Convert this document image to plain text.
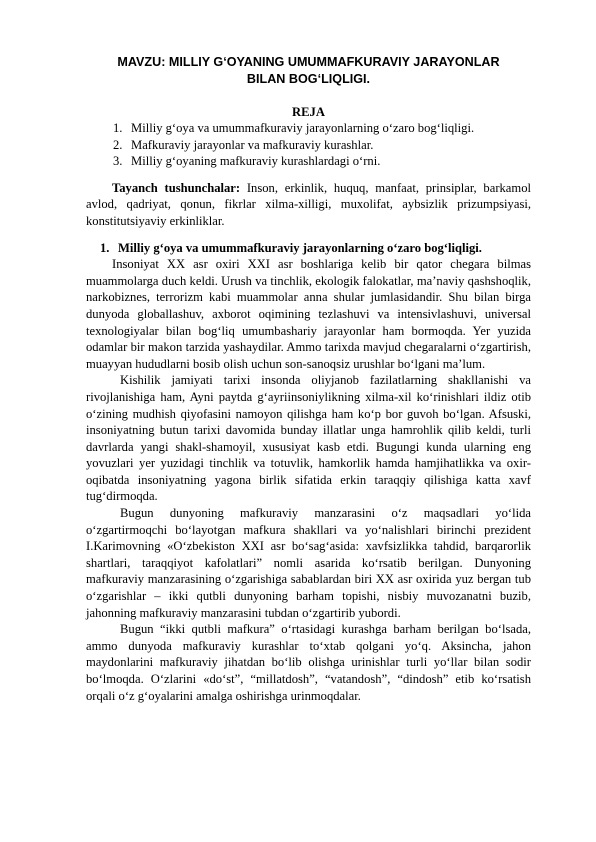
MAVZU: MILLIY G‘OYANING UMUMMAFKURAVIY JARAYONLAR
BILAN BOG‘LIQLIGI.
REJA
1. Milliy g‘oya va umummafkuraviy jarayonlarning o‘zaro bog‘liqligi.
2. Mafkuraviy jarayonlar va mafkuraviy kurashlar.
3. Milliy g‘oyaning mafkuraviy kurashlardagi o‘rni.

Tayanch tushunchalar: Inson, erkinlik, huquq, manfaat, prinsiplar, barkamol avlod, qadriyat, qonun, fikrlar xilma-xilligi, muxolifat, aybsizlik prizumpsiyasi, konstitutsiyaviy erkinliklar.

1. Milliy g‘oya va umummafkuraviy jarayonlarning o‘zaro bog‘liqligi.

Insoniyat XX asr oxiri XXI asr boshlariga kelib bir qator chegara bilmas muammolarga duch keldi. Urush va tinchlik, ekologik falokatlar, ma’naviy qashshoqlik, narkobiznes, terrorizm kabi muammolar anna shular jumlasidandir. Shu bilan birga dunyoda globallashuv, axborot oqimining tezlashuvi va intensivlashuvi, universal texnologiyalar bilan bog‘liq umumbashariy jarayonlar ham bormoqda. Yer yuzida odamlar bir makon tarzida yashaydilar. Ammo tarixda mavjud chegaralarni o‘zgartirish, muayyan hududlarni bosib olish uchun son-sanoqsiz urushlar bo‘lgani ma’lum.

Kishilik jamiyati tarixi insonda oliyjanob fazilatlarning shakllanishi va rivojlanishiga ham, Ayni paytda g‘ayriinsoniylikning xilma-xil ko‘rinishlari ildiz otib o‘zining mudhish qiyofasini namoyon qilishga ham ko‘p bor guvoh bo‘lgan. Afsuski, insoniyatning butun tarixi davomida bunday illatlar unga hamrohlik qilib keldi, turli davrlarda yangi shakl-shamoyil, xususiyat kasb etdi. Bugungi kunda ularning eng yovuzlari yer yuzidagi tinchlik va totuvlik, hamkorlik hamda hamjihatlikka va oxir-oqibatda insoniyatning yagona birlik sifatida erkin taraqqiy qilishiga katta xavf tug‘dirmoqda.

Bugun dunyoning mafkuraviy manzarasini o‘z maqsadlari yo‘lida o‘zgartirmoqchi bo‘layotgan mafkura shakllari va yo‘nalishlari birinchi prezident I.Karimovning «O‘zbekiston XXI asr bo‘sag‘asida: xavfsizlikka tahdid, barqarorlik shartlari, taraqqiyot kafolatlari” nomli asarida ko‘rsatib berilgan. Dunyoning mafkuraviy manzarasining o‘zgarishiga sabablardan biri XX asr oxirida yuz bergan tub o‘zgarishlar – ikki qutbli dunyoning barham topishi, nisbiy muvozanatni buzib, jahonning mafkuraviy manzarasini tubdan o‘zgartirib yubordi.

Bugun “ikki qutbli mafkura” o‘rtasidagi kurashga barham berilgan bo‘lsada, ammo dunyoda mafkuraviy kurashlar to‘xtab qolgani yo‘q. Aksincha, jahon maydonlarini mafkuraviy jihatdan bo‘lib olishga urinishlar turli yo‘llar bilan sodir bo‘lmoqda. O‘zlarini «do‘st”, “millatdosh”, “vatandosh”, “dindosh” etib ko‘rsatish orqali o‘z g‘oyalarini amalga oshirishga urinmoqdalar.
